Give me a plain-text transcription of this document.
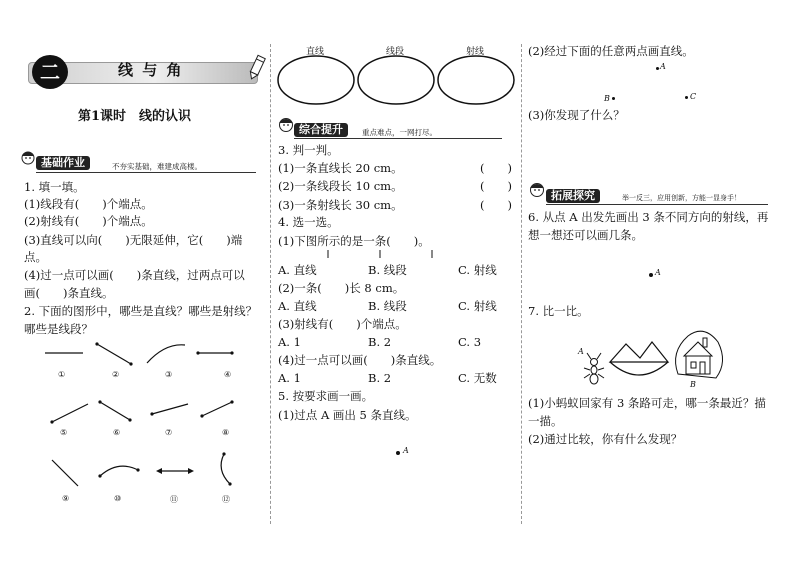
二	线 与 角
第1课时　线的认识
基础作业	不夯实基础，难建成高楼。
1. 填一填。
(1)线段有(　　)个端点。
(2)射线有(　　)个端点。
(3)直线可以向(　　)无限延伸，它(　　)端
点。
(4)过一点可以画(　　)条直线，过两点可以
画(　　)条直线。
2. 下面的图形中，哪些是直线？哪些是射线？
哪些是线段？
①	②	③	④
⑤	⑥	⑦	⑧
⑨	⑩	⑪	⑫
直线	线段	射线
综合提升	重点难点，一网打尽。
3. 判一判。
(1)一条直线长 20 cm。	(　　)
(2)一条线段长 10 cm。	(　　)
(3)一条射线长 30 cm。	(　　)
4. 选一选。
(1)下图所示的是一条(　　)。
A. 直线	B. 线段	C. 射线
(2)一条(　　)长 8 cm。
A. 直线	B. 线段	C. 射线
(3)射线有(　　)个端点。
A. 1	B. 2	C. 3
(4)过一点可以画(　　)条直线。
A. 1	B. 2	C. 无数
5. 按要求画一画。
(1)过点 A 画出 5 条直线。
A
(2)经过下面的任意两点画直线。
A
B	C
(3)你发现了什么？
拓展探究	举一反三，应用创新，方能一显身手！
6. 从点 A 出发先画出 3 条不同方向的射线，再
想一想还可以画几条。
A
7. 比一比。
A
B
(1)小蚂蚁回家有 3 条路可走，哪一条最近？描
一描。
(2)通过比较，你有什么发现？
